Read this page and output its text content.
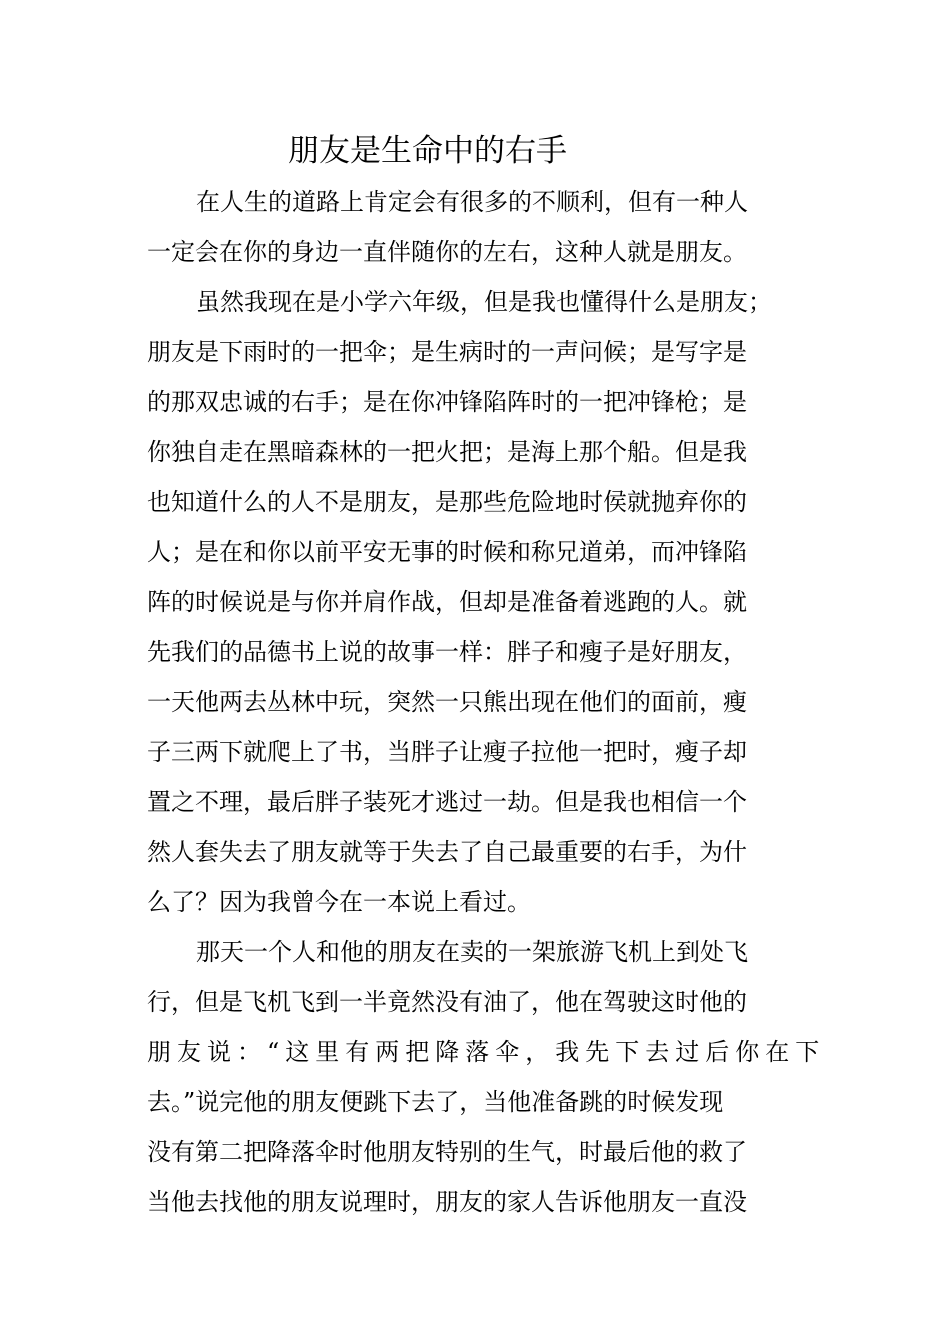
朋友是生命中的右手
在人生的道路上肯定会有很多的不顺利，但有一种人
一定会在你的身边一直伴随你的左右，这种人就是朋友。
虽然我现在是小学六年级，但是我也懂得什么是朋友；
朋友是下雨时的一把伞；是生病时的一声问候；是写字是
的那双忠诚的右手；是在你冲锋陷阵时的一把冲锋枪；是
你独自走在黑暗森林的一把火把；是海上那个船。但是我
也知道什么的人不是朋友，是那些危险地时侯就抛弃你的
人；是在和你以前平安无事的时候和称兄道弟，而冲锋陷
阵的时候说是与你并肩作战，但却是准备着逃跑的人。就
先我们的品德书上说的故事一样：胖子和瘦子是好朋友，
一天他两去丛林中玩，突然一只熊出现在他们的面前，瘦
子三两下就爬上了书，当胖子让瘦子拉他一把时，瘦子却
置之不理，最后胖子装死才逃过一劫。但是我也相信一个
然人套失去了朋友就等于失去了自己最重要的右手，为什
么了？因为我曾今在一本说上看过。
那天一个人和他的朋友在卖的一架旅游飞机上到处飞
行，但是飞机飞到一半竟然没有油了，他在驾驶这时他的
朋友说：“这里有两把降落伞，我先下去过后你在下
去。”说完他的朋友便跳下去了，当他准备跳的时候发现
没有第二把降落伞时他朋友特别的生气，时最后他的救了
当他去找他的朋友说理时，朋友的家人告诉他朋友一直没
